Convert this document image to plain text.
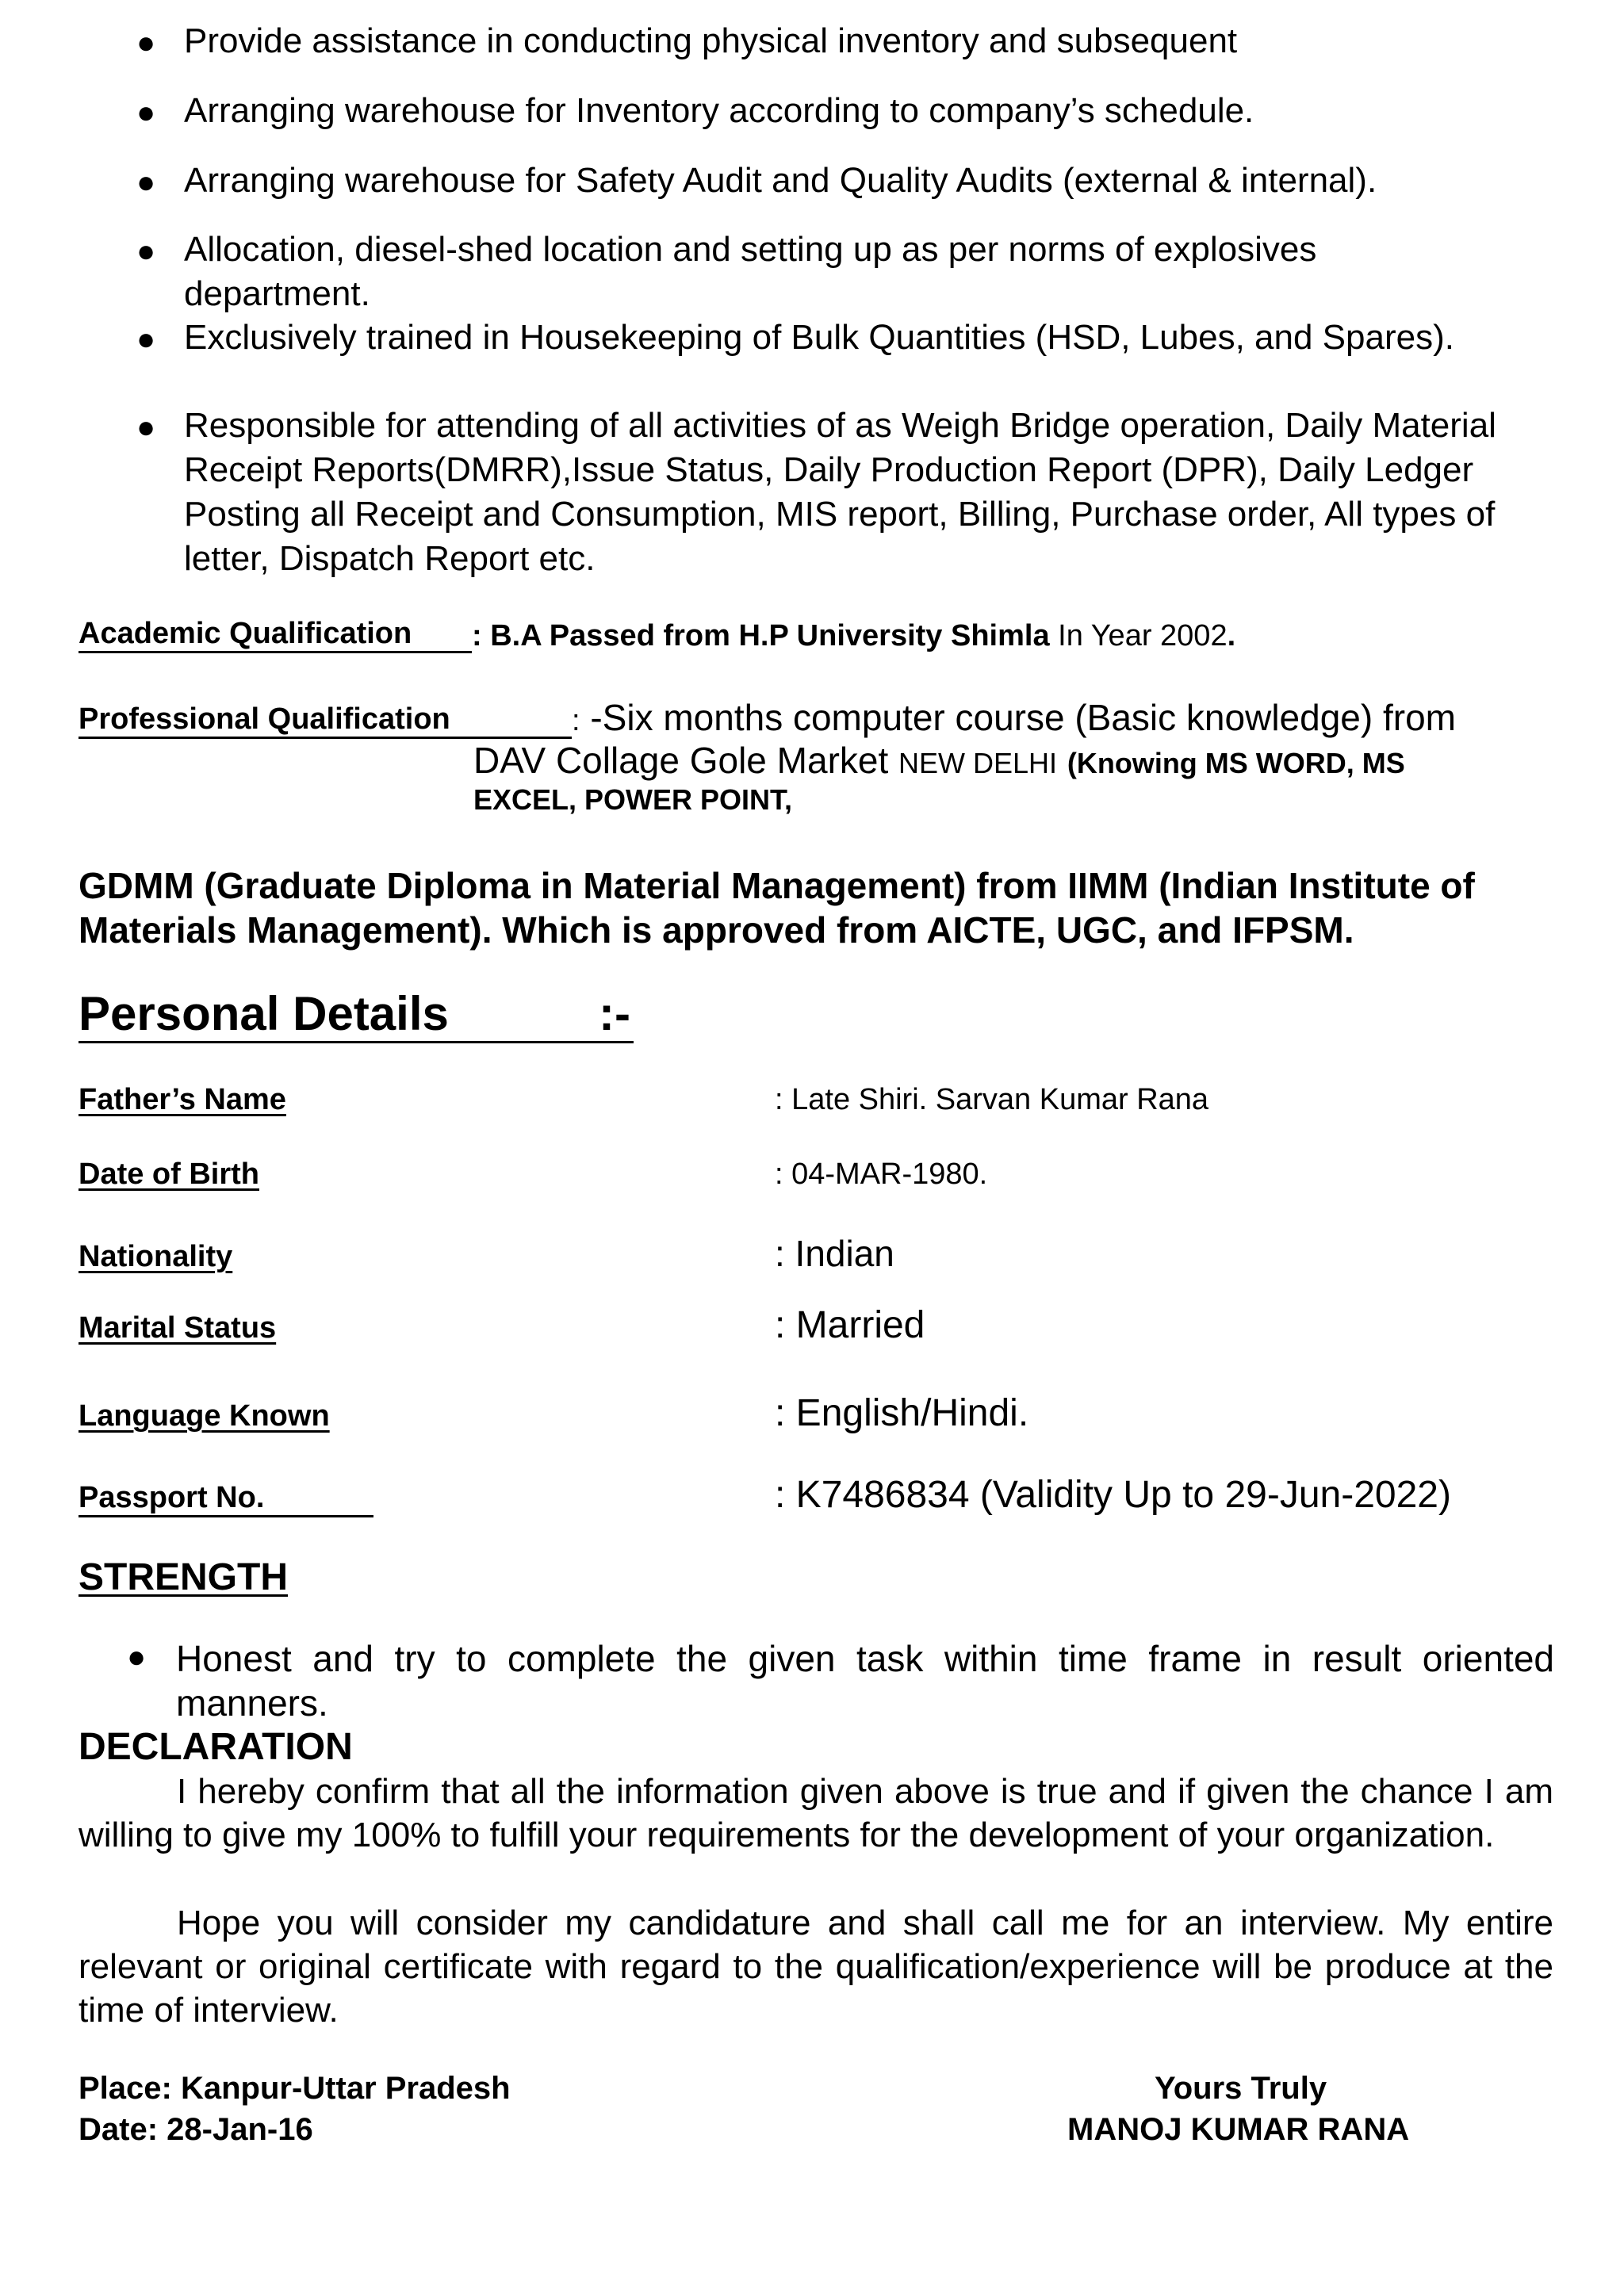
● Provide assistance in conducting physical inventory and subsequent
● Arranging warehouse for Inventory according to company’s schedule.
● Arranging warehouse for Safety Audit and Quality Audits (external & internal).
● Allocation, diesel-shed location and setting up as per norms of explosives department.
● Exclusively trained in Housekeeping of Bulk Quantities (HSD, Lubes, and Spares).
● Responsible for attending of all activities of as Weigh Bridge operation, Daily Material Receipt Reports(DMRR),Issue Status, Daily Production Report (DPR), Daily Ledger Posting all Receipt and Consumption, MIS report, Billing, Purchase order, All types of letter, Dispatch Report etc.
Academic Qualification : B.A Passed from H.P University Shimla In Year 2002.
Professional Qualification	: -Six months computer course (Basic knowledge) from
DAV Collage Gole Market NEW DELHI (Knowing MS WORD, MS
EXCEL, POWER POINT,
GDMM (Graduate Diploma in Material Management) from IIMM (Indian Institute of
Materials Management). Which is approved from AICTE, UGC, and IFPSM.
Personal Details	:-
Father’s Name	: Late Shiri. Sarvan Kumar Rana
Date of Birth	: 04-MAR-1980.
Nationality	: Indian
Marital Status	: Married
Language Known	: English/Hindi.
Passport No.	: K7486834 (Validity Up to 29-Jun-2022)
STRENGTH
● Honest and try to complete the given task within time frame in result oriented manners.
DECLARATION
I hereby confirm that all the information given above is true and if given the chance I am willing to give my 100% to fulfill your requirements for the development of your organization.
Hope you will consider my candidature and shall call me for an interview. My entire relevant or original certificate with regard to the qualification/experience will be produce at the time of interview.
Place: Kanpur-Uttar Pradesh
Date: 28-Jan-16
Yours Truly
MANOJ KUMAR RANA
